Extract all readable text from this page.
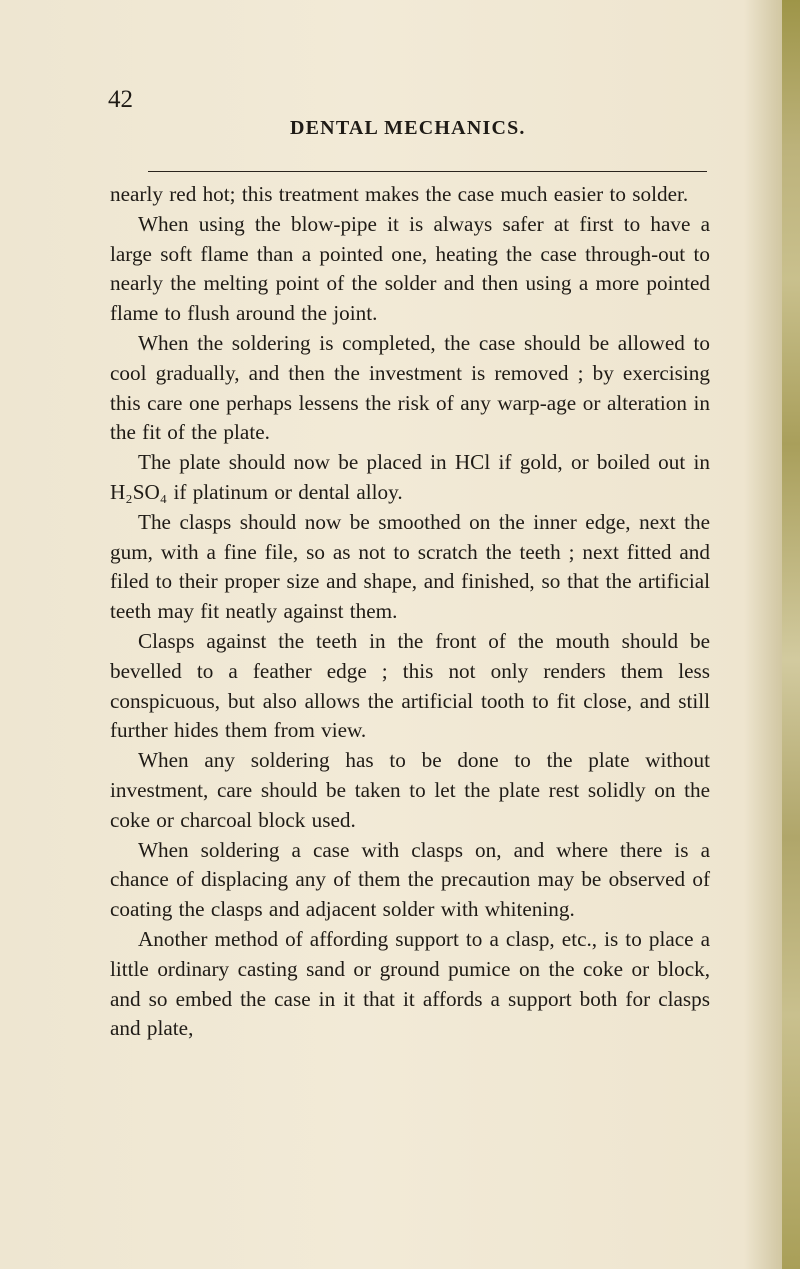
42
DENTAL MECHANICS.

nearly red hot; this treatment makes the case much easier to solder.

When using the blow-pipe it is always safer at first to have a large soft flame than a pointed one, heating the case through-out to nearly the melting point of the solder and then using a more pointed flame to flush around the joint.

When the soldering is completed, the case should be allowed to cool gradually, and then the investment is removed ; by exercising this care one perhaps lessens the risk of any warp-age or alteration in the fit of the plate.

The plate should now be placed in HCl if gold, or boiled out in H₂SO₄ if platinum or dental alloy.

The clasps should now be smoothed on the inner edge, next the gum, with a fine file, so as not to scratch the teeth ; next fitted and filed to their proper size and shape, and finished, so that the artificial teeth may fit neatly against them.

Clasps against the teeth in the front of the mouth should be bevelled to a feather edge ; this not only renders them less conspicuous, but also allows the artificial tooth to fit close, and still further hides them from view.

When any soldering has to be done to the plate without investment, care should be taken to let the plate rest solidly on the coke or charcoal block used.

When soldering a case with clasps on, and where there is a chance of displacing any of them the precaution may be observed of coating the clasps and adjacent solder with whitening.

Another method of affording support to a clasp, etc., is to place a little ordinary casting sand or ground pumice on the coke or block, and so embed the case in it that it affords a support both for clasps and plate,
